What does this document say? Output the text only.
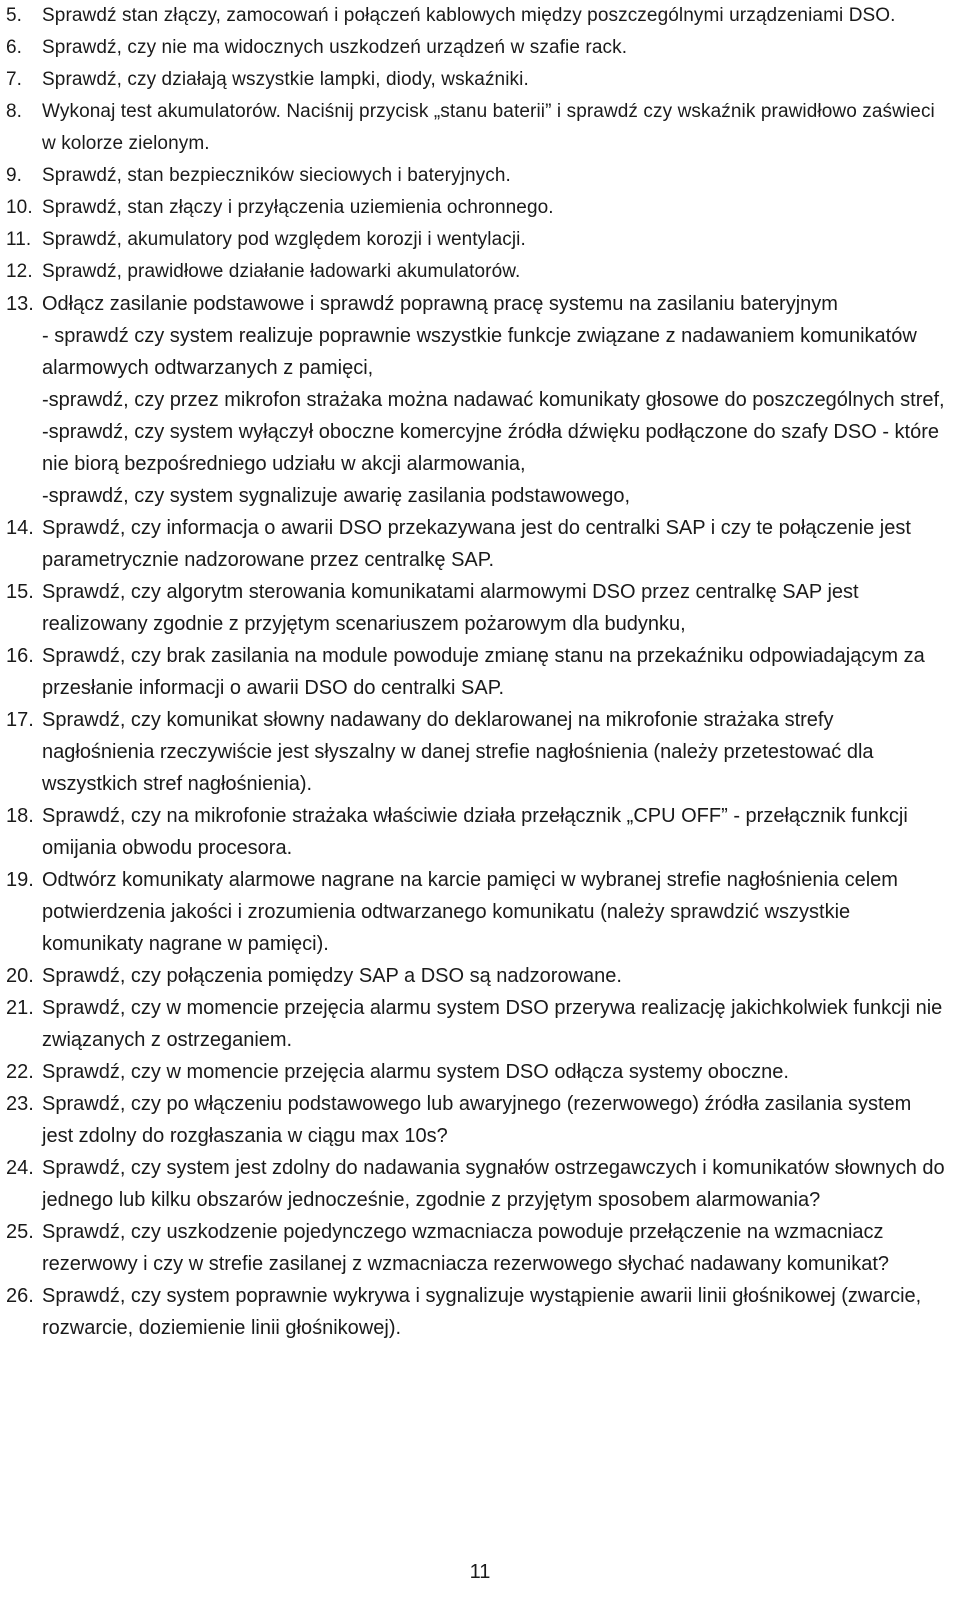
5.	Sprawdź stan złączy, zamocowań i połączeń kablowych między poszczególnymi urządzeniami DSO.
6.	Sprawdź, czy nie ma widocznych uszkodzeń urządzeń w szafie rack.
7.	Sprawdź, czy działają wszystkie lampki, diody, wskaźniki.
8.	Wykonaj test akumulatorów. Naciśnij przycisk „stanu baterii” i sprawdź czy wskaźnik prawidłowo zaświeci w kolorze zielonym.
9.	Sprawdź, stan bezpieczników sieciowych i bateryjnych.
10. Sprawdź, stan złączy i przyłączenia uziemienia ochronnego.
11. Sprawdź, akumulatory pod względem korozji i wentylacji.
12. Sprawdź, prawidłowe działanie ładowarki akumulatorów.
13. Odłącz zasilanie podstawowe i sprawdź poprawną pracę systemu na zasilaniu bateryjnym
- sprawdź czy system realizuje poprawnie wszystkie funkcje związane z nadawaniem komunikatów alarmowych odtwarzanych z pamięci,
-sprawdź, czy przez mikrofon strażaka można nadawać komunikaty głosowe do poszczególnych stref,
-sprawdź, czy system wyłączył oboczne komercyjne źródła dźwięku podłączone do szafy DSO - które nie biorą bezpośredniego udziału w akcji alarmowania,
-sprawdź, czy system sygnalizuje awarię zasilania podstawowego,
14. Sprawdź, czy informacja o awarii DSO przekazywana jest do centralki SAP i czy te połączenie jest parametrycznie nadzorowane przez centralkę SAP.
15. Sprawdź, czy algorytm sterowania komunikatami alarmowymi DSO przez centralkę SAP jest realizowany zgodnie z przyjętym scenariuszem pożarowym dla budynku,
16. Sprawdź, czy brak zasilania na module powoduje zmianę stanu na przekaźniku odpowiadającym za przesłanie informacji o awarii DSO do centralki SAP.
17. Sprawdź, czy komunikat słowny nadawany do deklarowanej na mikrofonie strażaka strefy nagłośnienia rzeczywiście jest słyszalny w danej strefie nagłośnienia (należy przetestować dla wszystkich stref nagłośnienia).
18. Sprawdź, czy na mikrofonie strażaka właściwie działa przełącznik „CPU OFF” - przełącznik funkcji omijania obwodu procesora.
19. Odtwórz komunikaty alarmowe nagrane na karcie pamięci w wybranej strefie nagłośnienia celem potwierdzenia jakości i zrozumienia odtwarzanego komunikatu (należy sprawdzić wszystkie komunikaty nagrane w pamięci).
20. Sprawdź, czy połączenia pomiędzy SAP a DSO są nadzorowane.
21. Sprawdź, czy w momencie przejęcia alarmu system DSO przerywa realizację jakichkolwiek funkcji nie związanych z ostrzeganiem.
22. Sprawdź, czy w momencie przejęcia alarmu system DSO odłącza systemy oboczne.
23. Sprawdź, czy po włączeniu podstawowego lub awaryjnego (rezerwowego) źródła zasilania system jest zdolny do rozgłaszania w ciągu max 10s?
24. Sprawdź, czy system jest zdolny do nadawania sygnałów ostrzegawczych i komunikatów słownych do jednego lub kilku obszarów jednocześnie, zgodnie z przyjętym sposobem alarmowania?
25. Sprawdź, czy uszkodzenie pojedynczego wzmacniacza powoduje przełączenie na wzmacniacz rezerwowy i czy w strefie zasilanej z wzmacniacza rezerwowego słychać nadawany komunikat?
26. Sprawdź, czy system poprawnie wykrywa i sygnalizuje wystąpienie awarii linii głośnikowej (zwarcie, rozwarcie, doziemienie linii głośnikowej).
11
